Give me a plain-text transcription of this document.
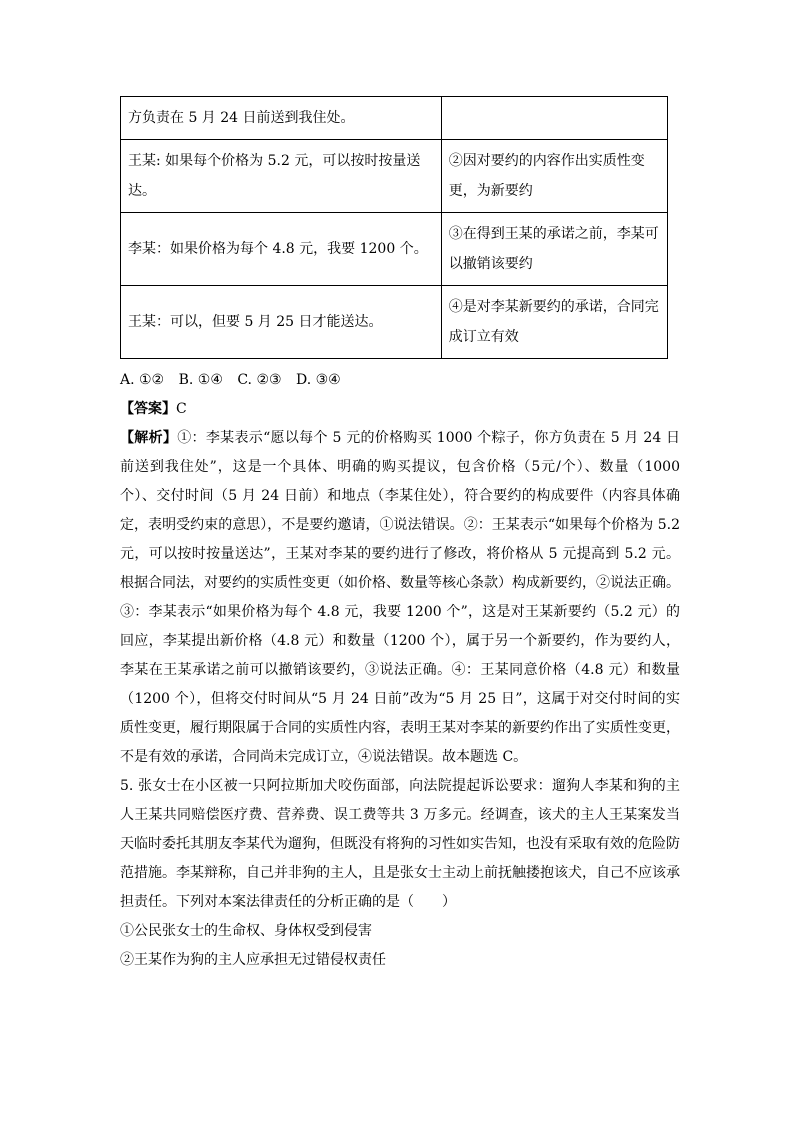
方负责在 5 月 24 日前送到我住处。	
王某: 如果每个价格为 5.2 元，可以按时按量送达。	②因对要约的内容作出实质性变更，为新要约
李某：如果价格为每个 4.8 元，我要 1200 个。	③在得到王某的承诺之前，李某可以撤销该要约
王某：可以，但要 5 月 25 日才能送达。	④是对李某新要约的承诺，合同完成订立有效

A. ①② B. ①④ C. ②③ D. ③④

【答案】C

【解析】①：李某表示“愿以每个 5 元的价格购买 1000 个粽子，你方负责在 5 月 24 日前送到我住处”，这是一个具体、明确的购买提议，包含价格（5元/个）、数量（1000 个）、交付时间（5 月 24 日前）和地点（李某住处），符合要约的构成要件（内容具体确定，表明受约束的意思），不是要约邀请，①说法错误。②：王某表示“如果每个价格为 5.2 元，可以按时按量送达”，王某对李某的要约进行了修改，将价格从 5 元提高到 5.2 元。根据合同法，对要约的实质性变更（如价格、数量等核心条款）构成新要约，②说法正确。③：李某表示“如果价格为每个 4.8 元，我要 1200 个”，这是对王某新要约（5.2 元）的回应，李某提出新价格（4.8 元）和数量（1200 个），属于另一个新要约，作为要约人，李某在王某承诺之前可以撤销该要约，③说法正确。④：王某同意价格（4.8 元）和数量（1200 个），但将交付时间从“5 月 24 日前”改为“5 月 25 日”，这属于对交付时间的实质性变更，履行期限属于合同的实质性内容，表明王某对李某的新要约作出了实质性变更，不是有效的承诺，合同尚未完成订立，④说法错误。故本题选 C。

5. 张女士在小区被一只阿拉斯加犬咬伤面部，向法院提起诉讼要求：遛狗人李某和狗的主人王某共同赔偿医疗费、营养费、误工费等共 3 万多元。经调查，该犬的主人王某案发当天临时委托其朋友李某代为遛狗，但既没有将狗的习性如实告知，也没有采取有效的危险防范措施。李某辩称，自己并非狗的主人，且是张女士主动上前抚触搂抱该犬，自己不应该承担责任。下列对本案法律责任的分析正确的是（　　）

①公民张女士的生命权、身体权受到侵害

②王某作为狗的主人应承担无过错侵权责任
